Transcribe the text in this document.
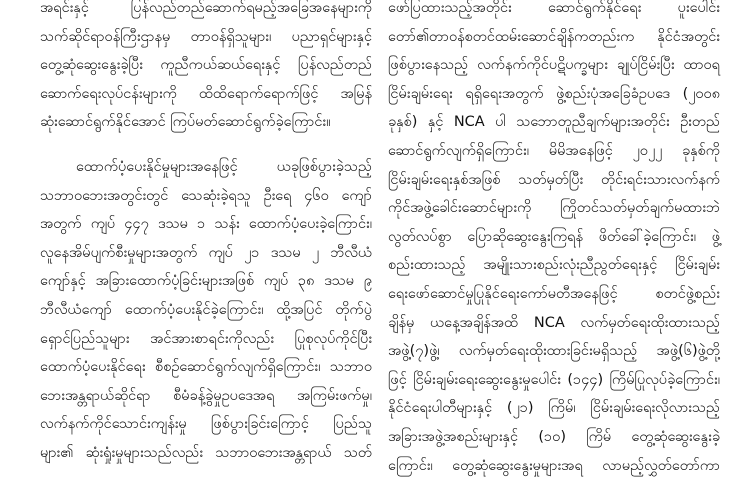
အရင်းနှင့် ပြန်လည်တည်ဆောက်ရမည့်အခြေအနေများကို
သက်ဆိုင်ရာဝန်ကြီးဌာနမှ တာဝန်ရှိသူများ၊ ပညာရှင်များနှင့်
တွေ့ဆုံဆွေးနွေးခဲ့ပြီး ကူညီကယ်ဆယ်ရေးနှင့် ပြန်လည်တည်
ဆောက်ရေးလုပ်ငန်းများကို ထိထိရောက်ရောက်ဖြင့် အမြန်
ဆုံးဆောင်ရွက်နိုင်အောင် ကြပ်မတ်ဆောင်ရွက်ခဲ့ကြောင်း။
ထောက်ပံ့ပေးနိုင်မှုများအနေဖြင့် ယခုဖြစ်ပွားခဲ့သည့်
သဘာဝဘေးအတွင်းတွင် သေဆုံးခဲ့ရသူ ဦးရေ ၄၆၀ ကျော်
အတွက် ကျပ် ၄၄၇ ဒသမ ၁ သန်း ထောက်ပံ့ပေးခဲ့ကြောင်း၊
လူနေအိမ်ပျက်စီးမှုများအတွက် ကျပ် ၂၁ ဒသမ ၂ ဘီလီယံ
ကျော်နှင့် အခြားထောက်ပံ့ခြင်းများအဖြစ် ကျပ် ၃၈ ဒသမ ၉
ဘီလီယံကျော် ထောက်ပံ့ပေးနိုင်ခဲ့ကြောင်း၊ ထို့အပြင် တိုက်ပွဲ
ရှောင်ပြည်သူများ အင်အားစာရင်းကိုလည်း ပြုစုလုပ်ကိုင်ပြီး
ထောက်ပံ့ပေးနိုင်ရေး စီစဉ်ဆောင်ရွက်လျက်ရှိကြောင်း၊ သဘာဝ
ဘေးအန္တရာယ်ဆိုင်ရာ စီမံခန့်ခွဲမှုဥပဒေအရ အကြမ်းဖက်မှု၊
လက်နက်ကိုင်သောင်းကျန်းမှု ဖြစ်ပွားခြင်းကြောင့် ပြည်သူ
များ၏ ဆုံးရှုံးမှုများသည်လည်း သဘာဝဘေးအန္တရာယ် သတ်
ဖော်ပြထားသည့်အတိုင်း ဆောင်ရွက်နိုင်ရေး ပူးပေါင်း
တော်၏တာဝန်စတင်ထမ်းဆောင်ချိန်ကတည်းက နိုင်ငံအတွင်း
ဖြစ်ပွားနေသည့် လက်နက်ကိုင်ပဋိပက္ခများ ချုပ်ငြိမ်းပြီး ထာဝရ
ငြိမ်းချမ်းရေး ရရှိရေးအတွက် ဖွဲ့စည်းပုံအခြေခံဥပဒေ (၂၀၀၈
ခုနှစ်) နှင့် NCA ပါ သဘောတူညီချက်များအတိုင်း ဦးတည်
ဆောင်ရွက်လျက်ရှိကြောင်း၊ မိမိအနေဖြင့် ၂၀၂၂ ခုနှစ်ကို
ငြိမ်းချမ်းရေးနှစ်အဖြစ် သတ်မှတ်ပြီး တိုင်းရင်းသားလက်နက်
ကိုင်အဖွဲ့ခေါင်းဆောင်များကို ကြိုတင်သတ်မှတ်ချက်မထားဘဲ
လွတ်လပ်စွာ ပြောဆိုဆွေးနွေးကြရန် ဖိတ်ခေါ်ခဲ့ကြောင်း၊ ဖွဲ့
စည်းထားသည့် အမျိုးသားစည်းလုံးညီညွတ်ရေးနှင့် ငြိမ်းချမ်း
ရေးဖော်ဆောင်မှုပြုနိုင်ရေးကော်မတီအနေဖြင့် စတင်ဖွဲ့စည်း
ချိန်မှ ယနေ့အချိန်အထိ NCA လက်မှတ်ရေးထိုးထားသည့်
အဖွဲ့(၇)ဖွဲ့၊ လက်မှတ်ရေးထိုးထားခြင်းမရှိသည့် အဖွဲ့(၆)ဖွဲ့တို့
ဖြင့် ငြိမ်းချမ်းရေးဆွေးနွေးမှုပေါင်း (၁၄၄) ကြိမ်ပြုလုပ်ခဲ့ကြောင်း၊
နိုင်ငံရေးပါတီများနှင့် (၂၁) ကြိမ်၊ ငြိမ်းချမ်းရေးလိုလားသည့်
အခြားအဖွဲ့အစည်းများနှင့် (၁၀) ကြိမ် တွေ့ဆုံဆွေးနွေးခဲ့
ကြောင်း၊ တွေ့ဆုံဆွေးနွေးမှုများအရ လာမည့်လွှတ်တော်ကာ
